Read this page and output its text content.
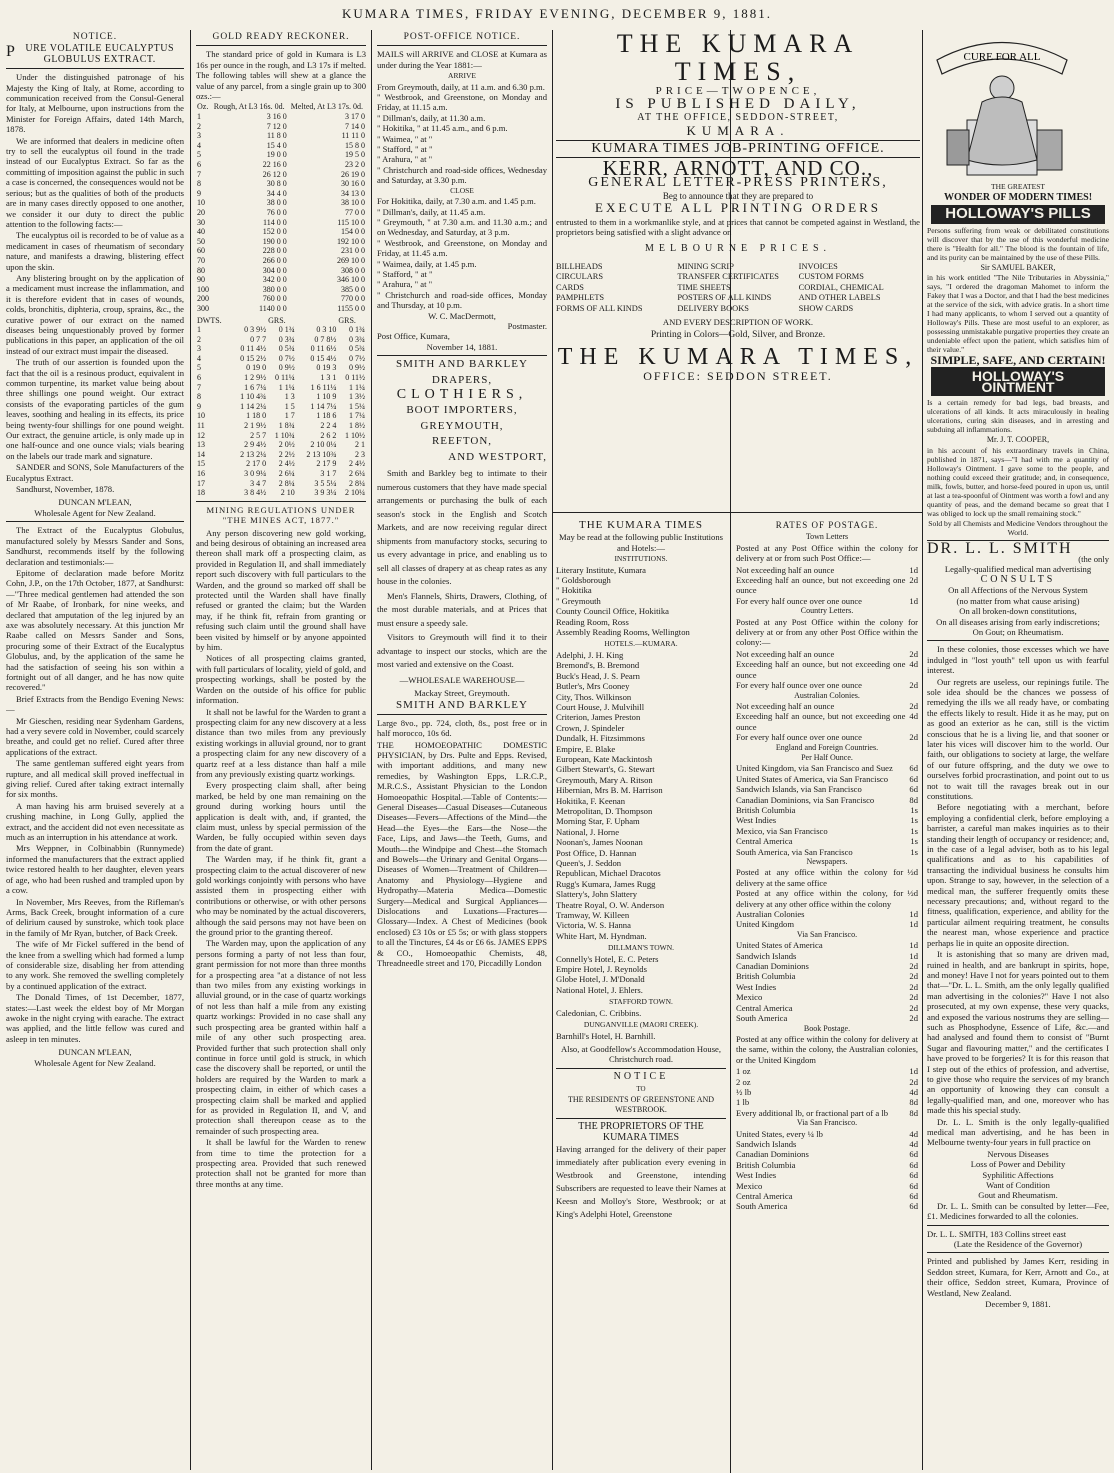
KUMARA TIMES, FRIDAY EVENING, DECEMBER 9, 1881.
NOTICE.
PURE VOLATILE EUCALYPTUS
GLOBULUS EXTRACT.

Under the distinguished patronage of his Majesty the King of Italy, at Rome, according to communication received from the Consul-General for Italy, at Melbourne, upon instructions from the Minister for Foreign Affairs, dated 14th March, 1878.

We are informed that dealers in medicine often try to sell the eucalyptus oil found in the trade instead of our Eucalyptus Extract. So far as the committing of imposition against the public in such a case is concerned, the consequences would not be serious; but as the qualities of both of the products are in many cases directly opposed to one another, we consider it our duty to direct the public attention to the following facts:—

The eucalyptus oil is recorded to be of value as a medicament in cases of rheumatism of secondary nature, and manifests a drawing, blistering effect upon the skin.

Any blistering brought on by the application of a medicament must increase the inflammation, and it is therefore evident that in cases of wounds, colds, bronchitis, diphteria, croup, sprains, &c., the curative power of our extract on the named diseases being unquestionably proved by former publications in this paper, an application of the oil instead of our extract must impair the diseased.

The truth of our assertion is founded upon the fact that the oil is a resinous product, equivalent in common turpentine, its market value being about three shillings one pound weight. Our extract consists of the evaporating particles of the gum leaves, soothing and healing in its effects, its price being twenty-four shillings for one pound weight. Our extract, the genuine article, is only made up in one half-ounce and one ounce vials; vials bearing on the labels our trade mark and signature.

SANDER and SONS, Sole Manufacturers of the Eucalyptus Extract.

Sandhurst, November, 1878.

DUNCAN M'LEAN,
Wholesale Agent for New Zealand.

The Extract of the Eucalyptus Globulus, manufactured solely by Messrs Sander and Sons, Sandhurst, recommends itself by the following declaration and testimonials:—

Epitome of declaration made before Moritz Cohn, J.P., on the 17th October, 1877, at Sandhurst:—"Three medical gentlemen had attended the son of Mr Raabe, of Ironbark, for nine weeks, and declared that amputation of the leg injured by an axe was absolutely necessary. At this junction Mr Raabe called on Messrs Sander and Sons, procuring some of their Extract of the Eucalyptus Globulus, and, by the application of the same he had the satisfaction of seeing his son within a fortnight out of all danger, and he has now quite recovered."

Brief Extracts from the Bendigo Evening News:—

Mr Gieschen, residing near Sydenham Gardens, had a very severe cold in November, could scarcely breathe, and could get no relief. Cured after three applications of the extract.

The same gentleman suffered eight years from rupture, and all medical skill proved ineffectual in giving relief. Cured after taking extract internally for six months.

A man having his arm bruised severely at a crushing machine, in Long Gully, applied the extract, and the accident did not even necessitate as much as an interruption in his attendance at work.

Mrs Weppner, in Colbinabbin (Runnymede) informed the manufacturers that the extract applied twice restored health to her daughter, eleven years of age, who had been rushed and trampled upon by a cow.

In November, Mrs Reeves, from the Rifleman's Arms, Back Creek, brought information of a cure of delirium caused by sunstroke, which took place in the family of Mr Ryan, butcher, of Back Creek.

The wife of Mr Fickel suffered in the bend of the knee from a swelling which had formed a lump of considerable size, disabling her from attending to any work. She removed the swelling completely by a continued application of the extract.

The Donald Times, of 1st December, 1877, states:—Last week the eldest boy of Mr Morgan awoke in the night crying with earache. The extract was applied, and the little fellow was cured and asleep in ten minutes.

DUNCAN M'LEAN,
Wholesale Agent for New Zealand.
GOLD READY RECKONER.

The standard price of gold in Kumara is L3 16s per ounce in the rough, and L3 17s if melted. The following tables will shew at a glance the value of any parcel, from a single grain up to 300 ozs.:—

Oz.	Rough, At L3 16s. 0d.	Melted, At L3 17s. 0d.
1	3 16 0	3 17 0
2	7 12 0	7 14 0
3	11 8 0	11 11 0
4	15 4 0	15 8 0
5	19 0 0	19 5 0
6	22 16 0	23 2 0
7	26 12 0	26 19 0
8	30 8 0	30 16 0
9	34 4 0	34 13 0
10	38 0 0	38 10 0
20	76 0 0	77 0 0
30	114 0 0	115 10 0
40	152 0 0	154 0 0
50	190 0 0	192 10 0
60	228 0 0	231 0 0
70	266 0 0	269 10 0
80	304 0 0	308 0 0
90	342 0 0	346 10 0
100	380 0 0	385 0 0
200	760 0 0	770 0 0
300	1140 0 0	1155 0 0
DWTS.		GRS.		GRS.
1	0 3 9½	0 1¾	0 3 10	0 1¾
2	0 7 7	0 3¾	0 7 8½	0 3¾
3	0 11 4½	0 5¾	0 11 6½	0 5¾
4	0 15 2½	0 7½	0 15 4½	0 7½
5	0 19 0	0 9½	0 19 3	0 9½
6	1 2 9½	0 11¼	1 3 1	0 11½
7	1 6 7¼	1 1¼	1 6 11¼	1 1¼
8	1 10 4¾	1 3	1 10 9	1 3½
9	1 14 2¼	1 5	1 14 7¼	1 5¼
10	1 18 0	1 7	1 18 6	1 7¼
11	2 1 9½	1 8¾	2 2 4	1 8½
12	2 5 7	1 10¾	2 6 2	1 10½
13	2 9 4½	2 0½	2 10 0¼	2 1
14	2 13 2¼	2 2½	2 13 10¾	2 3
15	2 17 0	2 4½	2 17 9	2 4½
16	3 0 9¼	2 6¼	3 1 7	2 6¼
17	3 4 7	2 8¼	3 5 5¼	2 8¼
18	3 8 4½	2 10	3 9 3¼	2 10¼
MINING REGULATIONS UNDER "THE MINES ACT, 1877."

Any person discovering new gold working, and being desirous of obtaining an increased area thereon shall mark off a prospecting claim, as provided in Regulation II, and shall immediately report such discovery with full particulars to the Warden, and the ground so marked off shall be protected until the Warden shall have finally refused or granted the claim; but the Warden may, if he think fit, refrain from granting or refusing such claim until the ground shall have been visited by himself or by anyone appointed by him.

Notices of all prospecting claims granted, with full particulars of locality, yield of gold, and prospecting workings, shall be posted by the Warden on the outside of his office for public information.

It shall not be lawful for the Warden to grant a prospecting claim for any new discovery at a less distance than two miles from any previously existing workings in alluvial ground, nor to grant a prospecting claim for any new discovery of a quartz reef at a less distance than half a mile from any previously existing quartz workings.

Every prospecting claim shall, after being marked, be held by one man remaining on the ground during working hours until the application is dealt with, and, if granted, the claim must, unless by special permission of the Warden, be fully occupied within seven days from the date of grant.

The Warden may, if he think fit, grant a prospecting claim to the actual discoverer of new gold workings conjointly with persons who have assisted them in prospecting either with contributions or otherwise, or with other persons who may be nominated by the actual discoverers, although the said persons may not have been on the ground prior to the granting thereof.

The Warden may, upon the application of any persons forming a party of not less than four, grant permission for not more than three months for a prospecting area "at a distance of not less than two miles from any existing workings in alluvial ground, or in the case of quartz workings of not less than half a mile from any existing quartz workings: Provided in no case shall any such prospecting area be granted within half a mile of any other such prospecting area. Provided further that such protection shall only continue in force until gold is struck, in which case the discovery shall be reported, or until the holders are required by the Warden to mark a prospecting claim, in either of which cases a prospecting claim shall be marked and applied for as provided in Regulation II, and V, and protection shall thereupon cease as to the remainder of such prospecting area.

It shall be lawful for the Warden to renew from time to time the protection for a prospecting area. Provided that such renewed protection shall not be granted for more than three months at any time.

POST-OFFICE NOTICE.

MAILS will ARRIVE and CLOSE at Kumara as under during the Year 1881:—

ARRIVE
From Greymouth, daily, at 11 a.m. and 6.30 p.m.
" Westbrook, and Greenstone, on Monday and Friday, at 11.15 a.m.
" Dillman's, daily, at 11.30 a.m.
" Hokitika, " at 11.45 a.m., and 6 p.m.
" Waimea, " at "
" Stafford, " at "
" Arahura, " at "
" Christchurch and road-side offices, Wednesday and Saturday, at 3.30 p.m.
CLOSE
For Hokitika, daily, at 7.30 a.m. and 1.45 p.m.
" Dillman's, daily, at 11.45 a.m.
" Greymouth, " at 7.30 a.m. and 11.30 a.m.; and on Wednesday, and Saturday, at 3 p.m.
" Westbrook, and Greenstone, on Monday and Friday, at 11.45 a.m.
" Waimea, daily, at 1.45 p.m.
" Stafford, " at "
" Arahura, " at "
" Christchurch and road-side offices, Monday and Thursday, at 10 p.m.
W. C. MacDermott,
Postmaster.
Post Office, Kumara,
November 14, 1881.
SMITH AND BARKLEY
DRAPERS,
CLOTHIERS,
BOOT IMPORTERS,
GREYMOUTH,
REEFTON,
AND WESTPORT,

Smith and Barkley beg to intimate to their numerous customers that they have made special arrangements or purchasing the bulk of each season's stock in the English and Scotch Markets, and are now receiving regular direct shipments from manufactory stocks, securing to us every advantage in price, and enabling us to sell all classes of drapery at as cheap rates as any house in the colonies.

Men's Flannels, Shirts, Drawers, Clothing, of the most durable materials, and at Prices that must ensure a speedy sale.

Visitors to Greymouth will find it to their advantage to inspect our stocks, which are the most varied and extensive on the Coast.

—WHOLESALE WAREHOUSE—
Mackay Street, Greymouth.
SMITH AND BARKLEY

Large 8vo., pp. 724, cloth, 8s., post free or in half morocco, 10s 6d.

THE HOMOEOPATHIC DOMESTIC PHYSICIAN, by Drs. Pulte and Epps. Revised, with important additions, and many new remedies, by Washington Epps, L.R.C.P., M.R.C.S., Assistant Physician to the London Homoeopathic Hospital.—Table of Contents:—General Diseases—Casual Diseases—Cutaneous Diseases—Fevers—Affections of the Mind—the Head—the Eyes—the Ears—the Nose—the Face, Lips, and Jaws—the Teeth, Gums, and Mouth—the Windpipe and Chest—the Stomach and Bowels—the Urinary and Genital Organs—Diseases of Women—Treatment of Children—Anatomy and Physiology—Hygiene and Hydropathy—Materia Medica—Domestic Surgery—Medical and Surgical Appliances—Dislocations and Luxations—Fractures—Glossary—Index. A Chest of Medicines (book enclosed) £3 10s or £5 5s; or with glass stoppers to all the Tinctures, £4 4s or £6 6s. JAMES EPPS & CO., Homoeopathic Chemists, 48, Threadneedle street and 170, Piccadilly London

THE KUMARA TIMES,
PRICE—TWOPENCE,
IS PUBLISHED DAILY,
AT THE OFFICE, SEDDON-STREET,
KUMARA.
KUMARA TIMES JOB-PRINTING OFFICE.
KERR, ARNOTT, AND CO.,
GENERAL LETTER-PRESS PRINTERS,
Beg to announce that they are prepared to
EXECUTE ALL PRINTING ORDERS

entrusted to them in a workmanlike style, and at prices that cannot be competed against in Westland, the proprietors being satisfied with a slight advance on

MELBOURNE PRICES.
BILLHEADS	MINING SCRIP	INVOICES
CIRCULARS	TRANSFER CERTIFICATES	CUSTOM FORMS
CARDS	TIME SHEETS	CORDIAL, CHEMICAL
PAMPHLETS	POSTERS OF ALL KINDS	AND OTHER LABELS
FORMS OF ALL KINDS	DELIVERY BOOKS	SHOW CARDS
AND EVERY DESCRIPTION OF WORK.
Printing in Colors—Gold, Silver, and Bronze.
THE KUMARA TIMES,
OFFICE: SEDDON STREET.
THE KUMARA TIMES

May be read at the following public Institutions and Hotels:—

INSTITUTIONS.
Literary Institute, Kumara
" Goldsborough
" Hokitika
" Greymouth
County Council Office, Hokitika
Reading Room, Ross
Assembly Reading Rooms, Wellington
HOTELS.—KUMARA.
Adelphi, J. H. King
Bremond's, B. Bremond
Buck's Head, J. S. Pearn
Butler's, Mrs Cooney
City, Thos. Wilkinson
Court House, J. Mulvihill
Criterion, James Preston
Crown, J. Spindeler
Dundalk, H. Fitzsimmons
Empire, E. Blake
European, Kate Mackintosh
Gilbert Stewart's, G. Stewart
Greymouth, Mary A. Ritson
Hibernian, Mrs B. M. Harrison
Hokitika, F. Keenan
Metropolitan, D. Thompson
Morning Star, F. Upham
National, J. Horne
Noonan's, James Noonan
Post Office, D. Hannan
Queen's, J. Seddon
Republican, Michael Dracotos
Rugg's Kumara, James Rugg
Slattery's, John Slattery
Theatre Royal, O. W. Anderson
Tramway, W. Killeen
Victoria, W. S. Hanna
White Hart, M. Hyndman.
DILLMAN'S TOWN.
Connelly's Hotel, E. C. Peters
Empire Hotel, J. Reynolds
Globe Hotel, J. M'Donald
National Hotel, J. Ehlers.
STAFFORD TOWN.
Caledonian, C. Cribbins.
DUNGANVILLE (MAORI CREEK).
Barnhill's Hotel, H. Barnhill.

Also, at Goodfellow's Accommodation House, Christchurch road.

NOTICE
TO
THE RESIDENTS OF GREENSTONE AND WESTBROOK.
THE PROPRIETORS OF THE KUMARA TIMES

Having arranged for the delivery of their paper immediately after publication every evening in Westbrook and Greenstone, intending Subscribers are requested to leave their Names at Keesn and Molloy's Store, Westbrook; or at King's Adelphi Hotel, Greenstone

RATES OF POSTAGE.
Town Letters

Posted at any Post Office within the colony for delivery at or from such Post Office:—

Not exceeding half an ounce	1d
Exceeding half an ounce, but not exceeding one ounce
2d
For every half ounce over one ounce	1d
Country Letters.

Posted at any Post Office within the colony for delivery at or from any other Post Office within the colony:—

Not exceeding half an ounce	2d
Exceeding half an ounce, but not exceeding one ounce
4d
For every half ounce over one ounce	2d
Australian Colonies.
Not exceeding half an ounce	2d
Exceeding half an ounce, but not exceeding one ounce
4d
For every half ounce over one ounce	2d
England and Foreign Countries.
Per Half Ounce.
United Kingdom, via San Francisco and Suez	6d
United States of America, via San Francisco	6d
Sandwich Islands, via San Francisco	6d
Canadian Dominions, via San Francisco	8d
British Columbia	1s
West Indies	1s
Mexico, via San Francisco	1s
Central America	1s
South America, via San Francisco	1s
Newspapers.
Posted at any office within the colony for delivery at the same office
½d
Posted at any office within the colony, for delivery at any other office within the colony
½d
Australian Colonies	1d
United Kingdom	1d
Via San Francisco.
United States of America	1d
Sandwich Islands	1d
Canadian Dominions	2d
British Columbia	2d
West Indies	2d
Mexico	2d
Central America	2d
South America	2d
Book Postage.

Posted at any office within the colony for delivery at the same, within the colony, the Australian colonies, or the United Kingdom

1 oz	1d
2 oz	2d
½ lb	4d
1 lb	8d
Every additional lb, or fractional part of a lb 8d
Via San Francisco.
United States, every ¼ lb	4d
Sandwich Islands	4d
Canadian Dominions	6d
British Columbia	6d
West Indies	6d
Mexico	6d
Central America	6d
South America	6d
CURE FOR ALL
THE GREATEST
WONDER OF MODERN TIMES!
HOLLOWAY'S PILLS

Persons suffering from weak or debilitated constitutions will discover that by the use of this wonderful medicine there is "Health for all." The blood is the fountain of life, and its purity can be maintained by the use of these Pills.

Sir SAMUEL BAKER,

in his work entitled "The Nile Tributaries in Abyssinia," says, "I ordered the dragoman Mahomet to inform the Fakey that I was a Doctor, and that I had the best medicines at the service of the sick, with advice gratis. In a short time I had many applicants, to whom I served out a quantity of Holloway's Pills. These are most useful to an explorer, as possessing unmistakable purgative properties they create an undeniable effect upon the patient, which satisfies him of their value."

SIMPLE, SAFE, AND CERTAIN!
HOLLOWAY'S OINTMENT

Is a certain remedy for bad legs, bad breasts, and ulcerations of all kinds. It acts miraculously in healing ulcerations, curing skin diseases, and in arresting and subduing all inflammations.

Mr. J. T. COOPER,

in his account of his extraordinary travels in China, published in 1871, says—"I had with me a quantity of Holloway's Ointment. I gave some to the people, and nothing could exceed their gratitude; and, in consequence, milk, fowls, butter, and horse-feed poured in upon us, until at last a tea-spoonful of Ointment was worth a fowl and any quantity of peas, and the demand became so great that I was obliged to lock up the small remaining stock."

Sold by all Chemists and Medicine Vendors throughout the World.

DR. L. L. SMITH
(the only
Legally-qualified medical man advertising
CONSULTS
On all Affections of the Nervous System
(no matter from what cause arising)
On all broken-down constitutions,
On all diseases arising from early indiscretions;
On Gout; on Rheumatism.

In these colonies, those excesses which we have indulged in "lost youth" tell upon us with fearful interest.

Our regrets are useless, our repinings futile. The sole idea should be the chances we possess of remedying the ills we all ready have, or combating the effects likely to result. Hide it as he may, put on as good an exterior as he can, still is the victim conscious that he is a living lie, and that sooner or later his vices will discover him to the world. Our faith, our obligations to society at large, the welfare of our future offspring, and the duty we owe to ourselves forbid procrastination, and point out to us not to wait till the ravages break out in our constitutions.

Before negotiating with a merchant, before employing a confidential clerk, before employing a barrister, a careful man makes inquiries as to their standing their length of occupancy or residence; and, in the case of a legal adviser, both as to his legal qualifications and as to his capabilities of transacting the individual business he consults him upon. Strange to say, however, in the selection of a medical man, the sufferer frequently omits these necessary precautions; and, without regard to the fitness, qualification, experience, and ability for the particular ailment requiring treatment, he consults the nearest man, whose experience and practice perhaps lie in quite an opposite direction.

It is astonishing that so many are driven mad, ruined in health, and are bankrupt in spirits, hope, and money! Have I not for years pointed out to them that—"Dr. L. L. Smith, am the only legally qualified man advertising in the colonies?" Have I not also prosecuted, at my own expense, these very quacks, and exposed the various nostrums they are selling—such as Phosphodyne, Essence of Life, &c.—and had analysed and found them to consist of "Burnt Sugar and flavouring matter," and the certificates I have proved to be forgeries? It is for this reason that I step out of the ethics of profession, and advertise, to give those who require the services of my branch an opportunity of knowing they can consult a legally-qualified man, and one, moreover who has made this his special study.

Dr. L. L. Smith is the only legally-qualified medical man advertising, and he has been in Melbourne twenty-four years in full practice on

Nervous Diseases
Loss of Power and Debility
Syphilitic Affections
Want of Condition
Gout and Rheumatism.

Dr. L. L. Smith can be consulted by letter—Fee, £1. Medicines forwarded to all the colonies.

Dr. L. L. SMITH, 183 Collins street east
(Late the Residence of the Governor)

Printed and published by James Kerr, residing in Seddon street, Kumara, for Kerr, Arnott and Co., at their office, Seddon street, Kumara, Province of Westland, New Zealand.

December 9, 1881.
